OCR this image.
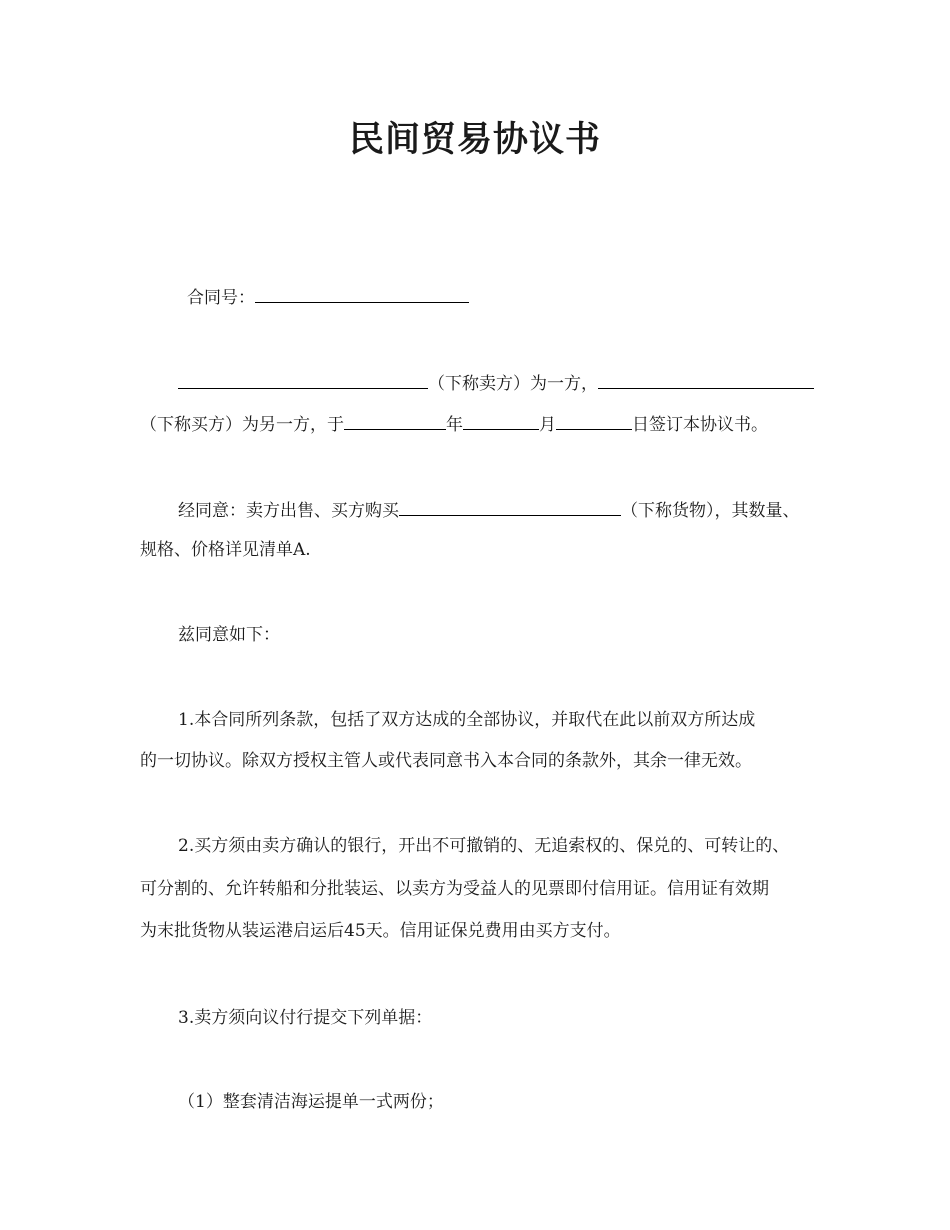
民间贸易协议书
合同号：
（下称卖方）为一方，
（下称买方）为另一方，于	年	月	日签订本协议书。
经同意：卖方出售、买方购买	（下称货物），其数量、
规格、价格详见清单A.
兹同意如下：
1.本合同所列条款，包括了双方达成的全部协议，并取代在此以前双方所达成
的一切协议。除双方授权主管人或代表同意书入本合同的条款外，其余一律无效。
2.买方须由卖方确认的银行，开出不可撤销的、无追索权的、保兑的、可转让的、
可分割的、允许转船和分批装运、以卖方为受益人的见票即付信用证。信用证有效期
为末批货物从装运港启运后45天。信用证保兑费用由买方支付。
3.卖方须向议付行提交下列单据：
（1）整套清洁海运提单一式两份；
